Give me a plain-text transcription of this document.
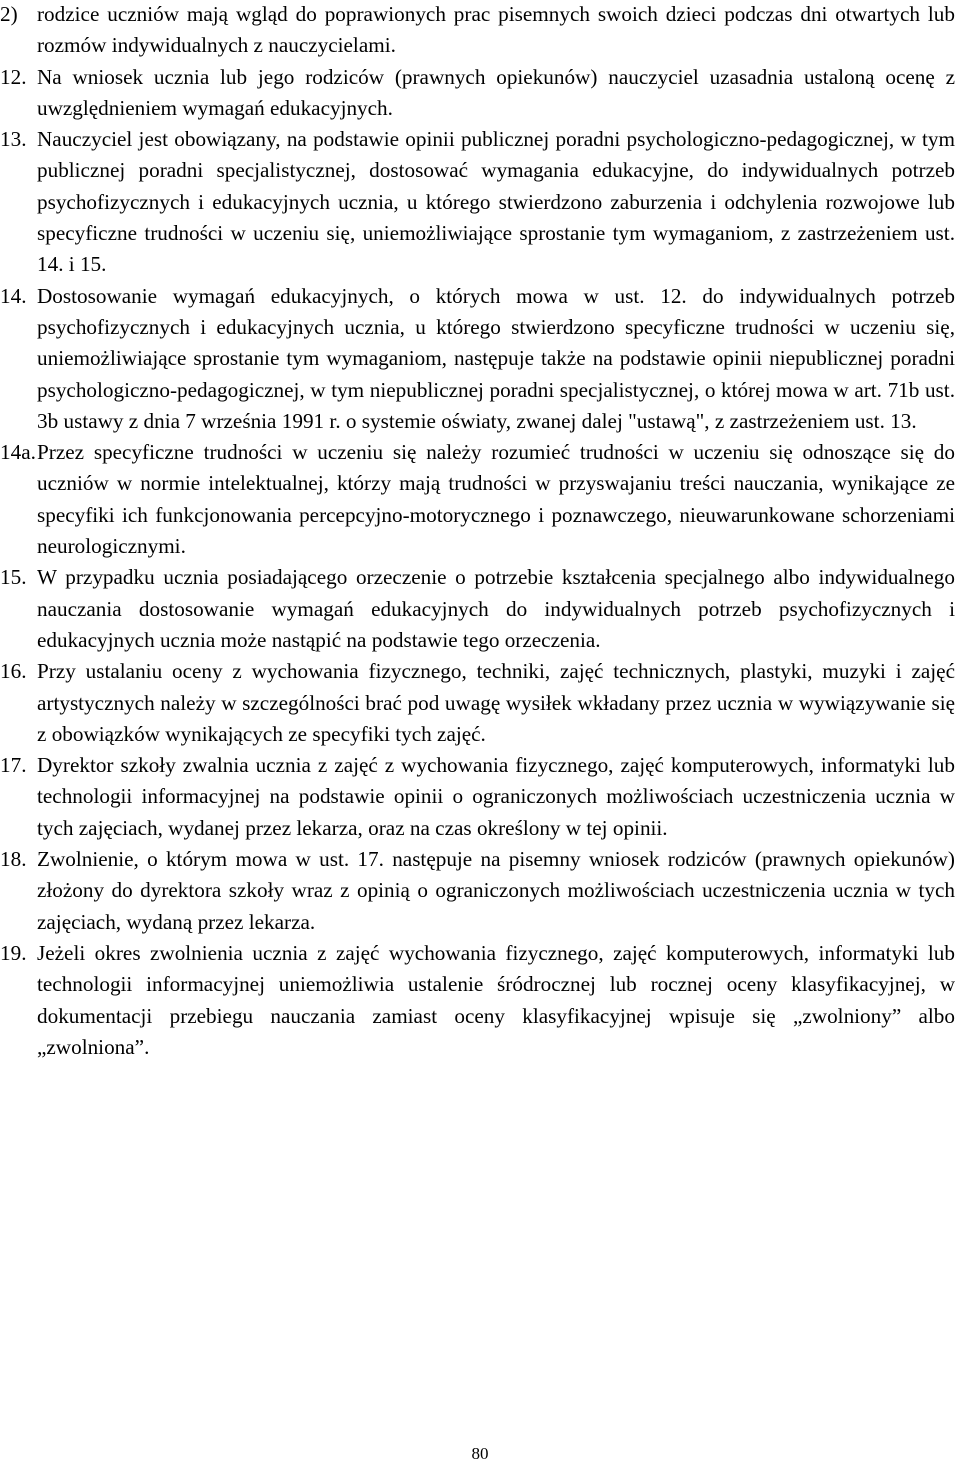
2) rodzice uczniów mają wgląd do poprawionych prac pisemnych swoich dzieci podczas dni otwartych lub rozmów indywidualnych z nauczycielami.
12. Na wniosek ucznia lub jego rodziców (prawnych opiekunów) nauczyciel uzasadnia ustaloną ocenę z uwzględnieniem wymagań edukacyjnych.
13. Nauczyciel jest obowiązany, na podstawie opinii publicznej poradni psychologiczno-pedagogicznej, w tym publicznej poradni specjalistycznej, dostosować wymagania edukacyjne, do indywidualnych potrzeb psychofizycznych i edukacyjnych ucznia, u którego stwierdzono zaburzenia i odchylenia rozwojowe lub specyficzne trudności w uczeniu się, uniemożliwiające sprostanie tym wymaganiom, z zastrzeżeniem ust. 14. i 15.
14. Dostosowanie wymagań edukacyjnych, o których mowa w ust. 12. do indywidualnych potrzeb psychofizycznych i edukacyjnych ucznia, u którego stwierdzono specyficzne trudności w uczeniu się, uniemożliwiające sprostanie tym wymaganiom, następuje także na podstawie opinii niepublicznej poradni psychologiczno-pedagogicznej, w tym niepublicznej poradni specjalistycznej, o której mowa w art. 71b ust. 3b ustawy z dnia 7 września 1991 r. o systemie oświaty, zwanej dalej "ustawą", z zastrzeżeniem ust. 13.
14a. Przez specyficzne trudności w uczeniu się należy rozumieć trudności w uczeniu się odnoszące się do uczniów w normie intelektualnej, którzy mają trudności w przyswajaniu treści nauczania, wynikające ze specyfiki ich funkcjonowania percepcyjno-motorycznego i poznawczego, nieuwarunkowane schorzeniami neurologicznymi.
15. W przypadku ucznia posiadającego orzeczenie o potrzebie kształcenia specjalnego albo indywidualnego nauczania dostosowanie wymagań edukacyjnych do indywidualnych potrzeb psychofizycznych i edukacyjnych ucznia może nastąpić na podstawie tego orzeczenia.
16. Przy ustalaniu oceny z wychowania fizycznego, techniki, zajęć technicznych, plastyki, muzyki i zajęć artystycznych należy w szczególności brać pod uwagę wysiłek wkładany przez ucznia w wywiązywanie się z obowiązków wynikających ze specyfiki tych zajęć.
17. Dyrektor szkoły zwalnia ucznia z zajęć z wychowania fizycznego, zajęć komputerowych, informatyki lub technologii informacyjnej na podstawie opinii o ograniczonych możliwościach uczestniczenia ucznia w tych zajęciach, wydanej przez lekarza, oraz na czas określony w tej opinii.
18. Zwolnienie, o którym mowa w ust. 17. następuje na pisemny wniosek rodziców (prawnych opiekunów) złożony do dyrektora szkoły wraz z opinią o ograniczonych możliwościach uczestniczenia ucznia w tych zajęciach, wydaną przez lekarza.
19. Jeżeli okres zwolnienia ucznia z zajęć wychowania fizycznego, zajęć komputerowych, informatyki lub technologii informacyjnej uniemożliwia ustalenie śródrocznej lub rocznej oceny klasyfikacyjnej, w dokumentacji przebiegu nauczania zamiast oceny klasyfikacyjnej wpisuje się „zwolniony” albo „zwolniona”.
80
